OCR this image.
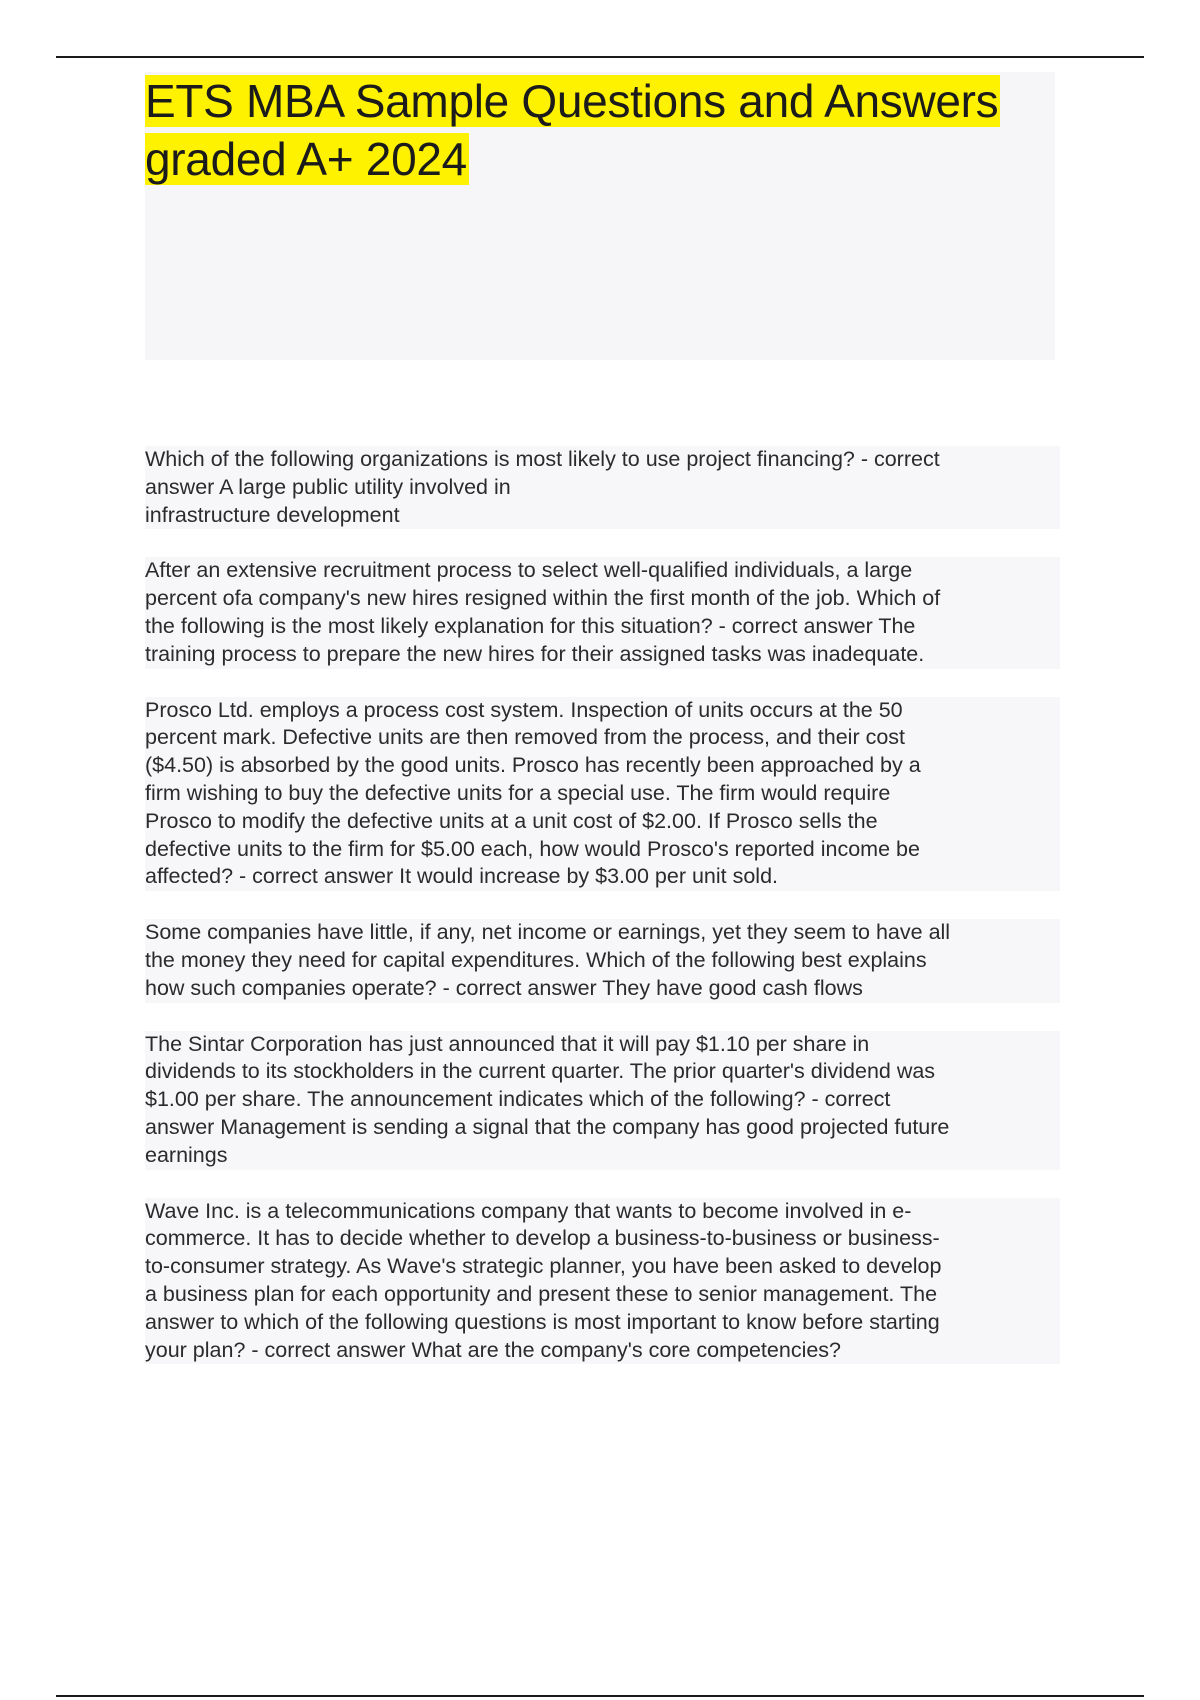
ETS MBA Sample Questions and Answers
graded A+ 2024
Which of the following organizations is most likely to use project financing? - correct
answer A large public utility involved in
infrastructure development
After an extensive recruitment process to select well-qualified individuals, a large
percent ofa company's new hires resigned within the first month of the job. Which of
the following is the most likely explanation for this situation? - correct answer The
training process to prepare the new hires for their assigned tasks was inadequate.
Prosco Ltd. employs a process cost system. Inspection of units occurs at the 50
percent mark. Defective units are then removed from the process, and their cost
($4.50) is absorbed by the good units. Prosco has recently been approached by a
firm wishing to buy the defective units for a special use. The firm would require
Prosco to modify the defective units at a unit cost of $2.00. If Prosco sells the
defective units to the firm for $5.00 each, how would Prosco's reported income be
affected? - correct answer It would increase by $3.00 per unit sold.
Some companies have little, if any, net income or earnings, yet they seem to have all
the money they need for capital expenditures. Which of the following best explains
how such companies operate? - correct answer They have good cash flows
The Sintar Corporation has just announced that it will pay $1.10 per share in
dividends to its stockholders in the current quarter. The prior quarter's dividend was
$1.00 per share. The announcement indicates which of the following? - correct
answer Management is sending a signal that the company has good projected future
earnings
Wave Inc. is a telecommunications company that wants to become involved in e-
commerce. It has to decide whether to develop a business-to-business or business-
to-consumer strategy. As Wave's strategic planner, you have been asked to develop
a business plan for each opportunity and present these to senior management. The
answer to which of the following questions is most important to know before starting
your plan? - correct answer What are the company's core competencies?
